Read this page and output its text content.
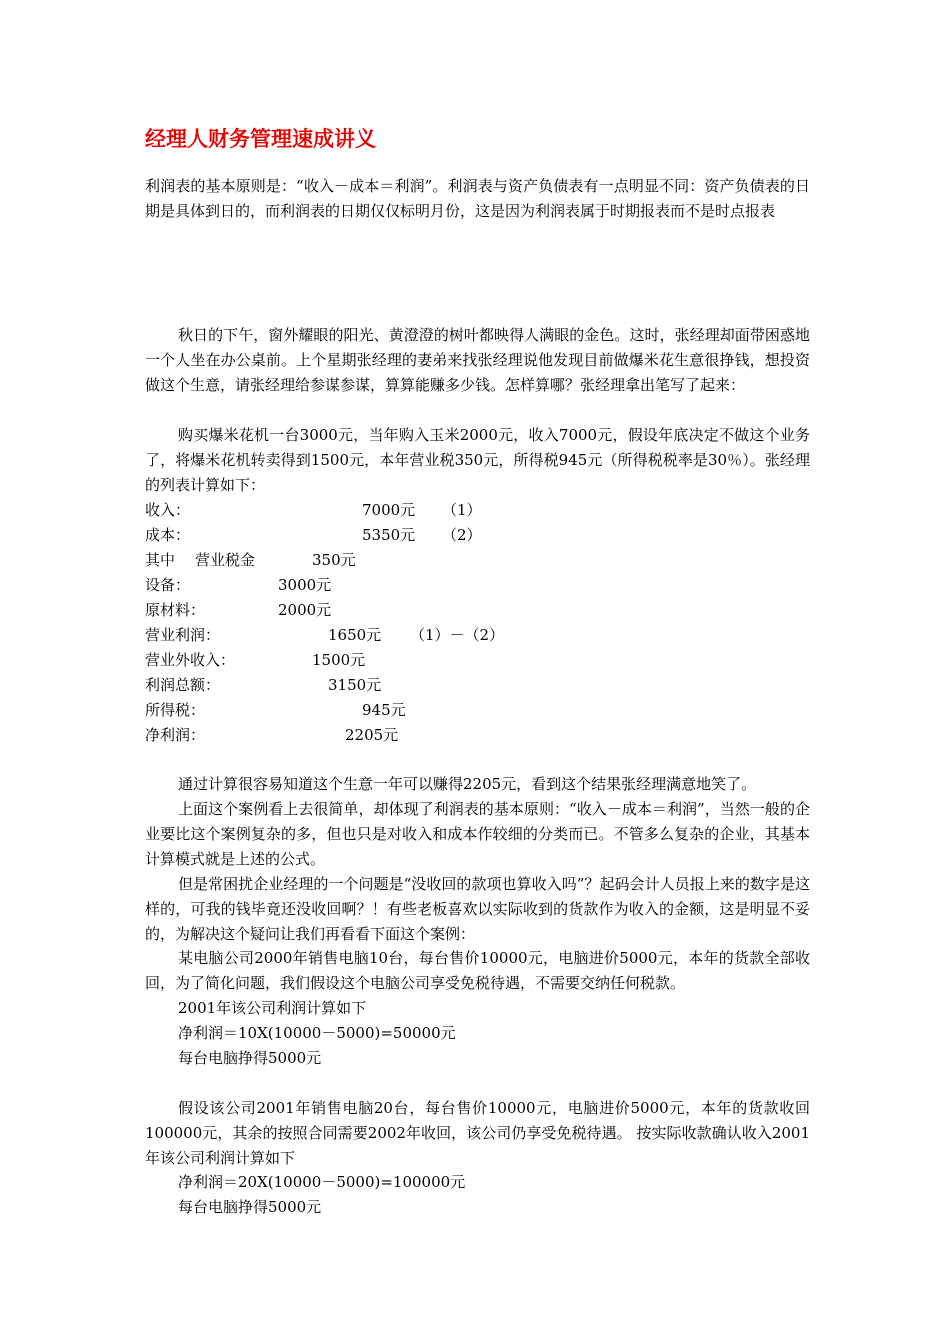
经理人财务管理速成讲义

利润表的基本原则是：“收入－成本＝利润”。利润表与资产负债表有一点明显不同：资产负债表的日期是具体到日的，而利润表的日期仅仅标明月份，这是因为利润表属于时期报表而不是时点报表

秋日的下午，窗外耀眼的阳光、黄澄澄的树叶都映得人满眼的金色。这时，张经理却面带困惑地一个人坐在办公桌前。上个星期张经理的妻弟来找张经理说他发现目前做爆米花生意很挣钱，想投资做这个生意，请张经理给参谋参谋，算算能赚多少钱。怎样算哪？张经理拿出笔写了起来：

购买爆米花机一台3000元，当年购入玉米2000元，收入7000元，假设年底决定不做这个业务了，将爆米花机转卖得到1500元，本年营业税350元，所得税945元（所得税税率是30％）。张经理的列表计算如下：

收入：	7000元 （1）
成本：	5350元 （2）
其中 营业税金	350元
设备：	3000元
原材料：	2000元
营业利润：	1650元 （1）－（2）
营业外收入：	1500元
利润总额：	3150元
所得税：	945元
净利润：	2205元

通过计算很容易知道这个生意一年可以赚得2205元，看到这个结果张经理满意地笑了。

上面这个案例看上去很简单，却体现了利润表的基本原则：“收入－成本＝利润”，当然一般的企业要比这个案例复杂的多，但也只是对收入和成本作较细的分类而已。不管多么复杂的企业，其基本计算模式就是上述的公式。

但是常困扰企业经理的一个问题是“没收回的款项也算收入吗”？起码会计人员报上来的数字是这样的，可我的钱毕竟还没收回啊？！有些老板喜欢以实际收到的货款作为收入的金额，这是明显不妥的，为解决这个疑问让我们再看看下面这个案例：

某电脑公司2000年销售电脑10台，每台售价10000元，电脑进价5000元，本年的货款全部收回，为了简化问题，我们假设这个电脑公司享受免税待遇，不需要交纳任何税款。

2001年该公司利润计算如下
净利润＝10X(10000－5000)=50000元
每台电脑挣得5000元

假设该公司2001年销售电脑20台，每台售价10000元，电脑进价5000元，本年的货款收回100000元，其余的按照合同需要2002年收回，该公司仍享受免税待遇。 按实际收款确认收入2001年该公司利润计算如下

净利润＝20X(10000－5000)=100000元
每台电脑挣得5000元
